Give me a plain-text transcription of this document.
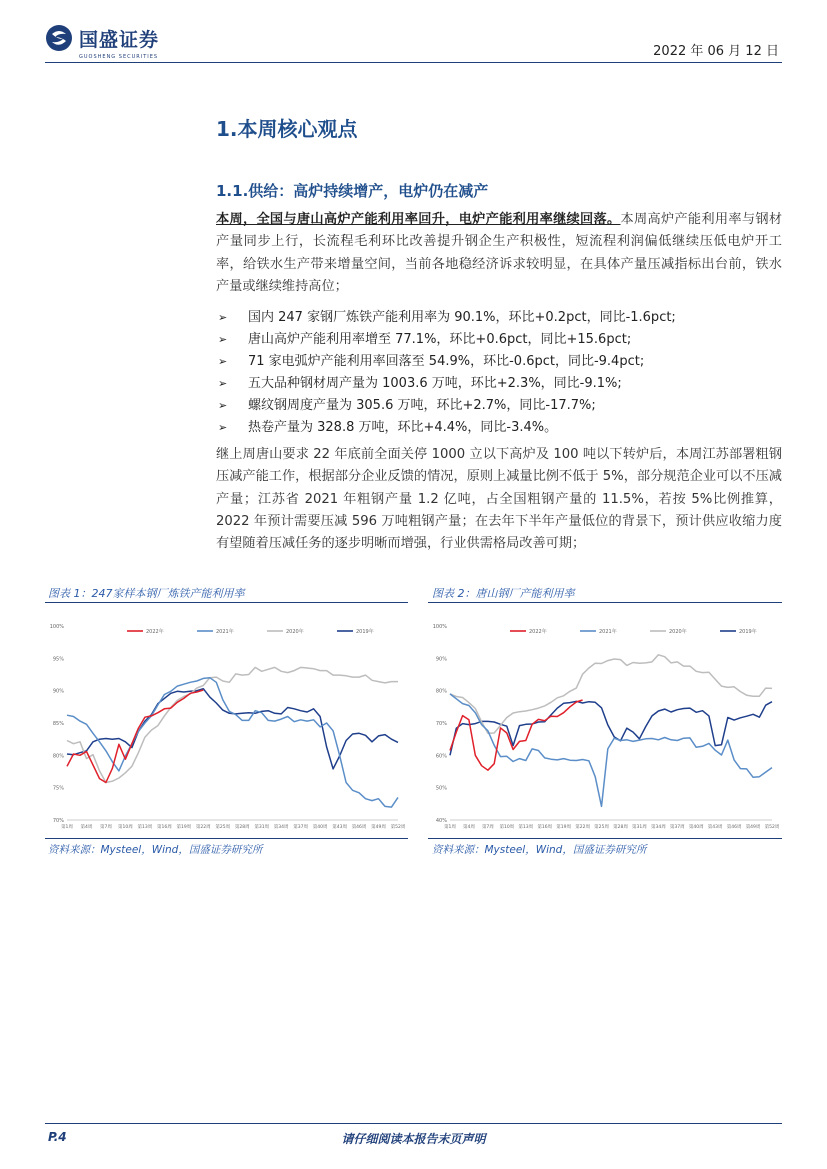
国盛证券
GUOSHENG SECURITIES	2022 年 06 月 12 日
1.本周核心观点
1.1.供给：高炉持续增产，电炉仍在减产
本周，全国与唐山高炉产能利用率回升，电炉产能利用率继续回落。本周高炉产能利用率与钢材产量同步上行，长流程毛利环比改善提升钢企生产积极性，短流程利润偏低继续压低电炉开工率，给铁水生产带来增量空间，当前各地稳经济诉求较明显，在具体产量压减指标出台前，铁水产量或继续维持高位；
➢	国内 247 家钢厂炼铁产能利用率为 90.1%，环比+0.2pct，同比-1.6pct;
➢	唐山高炉产能利用率增至 77.1%，环比+0.6pct，同比+15.6pct;
➢	71 家电弧炉产能利用率回落至 54.9%，环比-0.6pct，同比-9.4pct;
➢	五大品种钢材周产量为 1003.6 万吨，环比+2.3%，同比-9.1%;
➢	螺纹钢周度产量为 305.6 万吨，环比+2.7%，同比-17.7%;
➢	热卷产量为 328.8 万吨，环比+4.4%，同比-3.4%。
继上周唐山要求 22 年底前全面关停 1000 立以下高炉及 100 吨以下转炉后，本周江苏部署粗钢压减产能工作，根据部分企业反馈的情况，原则上减量比例不低于 5%，部分规范企业可以不压减产量；江苏省 2021 年粗钢产量 1.2 亿吨，占全国粗钢产量的 11.5%，若按 5%比例推算，2022 年预计需要压减 596 万吨粗钢产量；在去年下半年产量低位的背景下，预计供应收缩力度有望随着压减任务的逐步明晰而增强，行业供需格局改善可期；
图表 1：247家样本钢厂炼铁产能利用率
70%
75%
80%
85%
90%
95%
100%
第1周 第4周 第7周 第10周 第13周 第16周 第19周 第22周 第25周 第28周 第31周 第34周 第37周 第40周 第43周 第46周 第49周 第52周
2022年	2021年	2020年	2019年
资料来源：Mysteel，Wind，国盛证券研究所
图表 2：唐山钢厂产能利用率
40%
50%
60%
70%
80%
90%
100%
第1周 第4周 第7周 第10周 第13周 第16周 第19周 第22周 第25周 第28周 第31周 第34周 第37周 第40周 第43周 第46周 第49周 第52周
2022年	2021年	2020年	2019年
资料来源：Mysteel，Wind，国盛证券研究所
P.4	请仔细阅读本报告末页声明
